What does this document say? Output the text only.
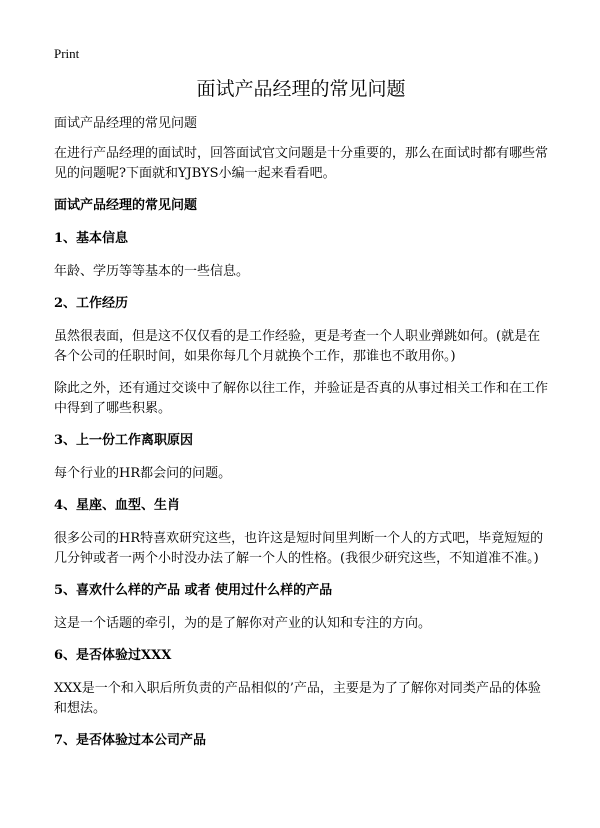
Print
面试产品经理的常见问题
面试产品经理的常见问题

在进行产品经理的面试时，回答面试官文问题是十分重要的，那么在面试时都有哪些常见的问题呢?下面就和YJBYS小编一起来看看吧。

面试产品经理的常见问题
1、基本信息

年龄、学历等等基本的一些信息。

2、工作经历

虽然很表面，但是这不仅仅看的是工作经验，更是考查一个人职业弹跳如何。(就是在各个公司的任职时间，如果你每几个月就换个工作，那谁也不敢用你。)

除此之外，还有通过交谈中了解你以往工作，并验证是否真的从事过相关工作和在工作中得到了哪些积累。

3、上一份工作离职原因

每个行业的HR都会问的问题。

4、星座、血型、生肖

很多公司的HR特喜欢研究这些，也许这是短时间里判断一个人的方式吧，毕竟短短的几分钟或者一两个小时没办法了解一个人的性格。(我很少研究这些，不知道准不准。)

5、喜欢什么样的产品 或者 使用过什么样的产品

这是一个话题的牵引，为的是了解你对产业的认知和专注的方向。

6、是否体验过XXX

XXX是一个和入职后所负责的产品相似的’产品，主要是为了了解你对同类产品的体验和想法。

7、是否体验过本公司产品
